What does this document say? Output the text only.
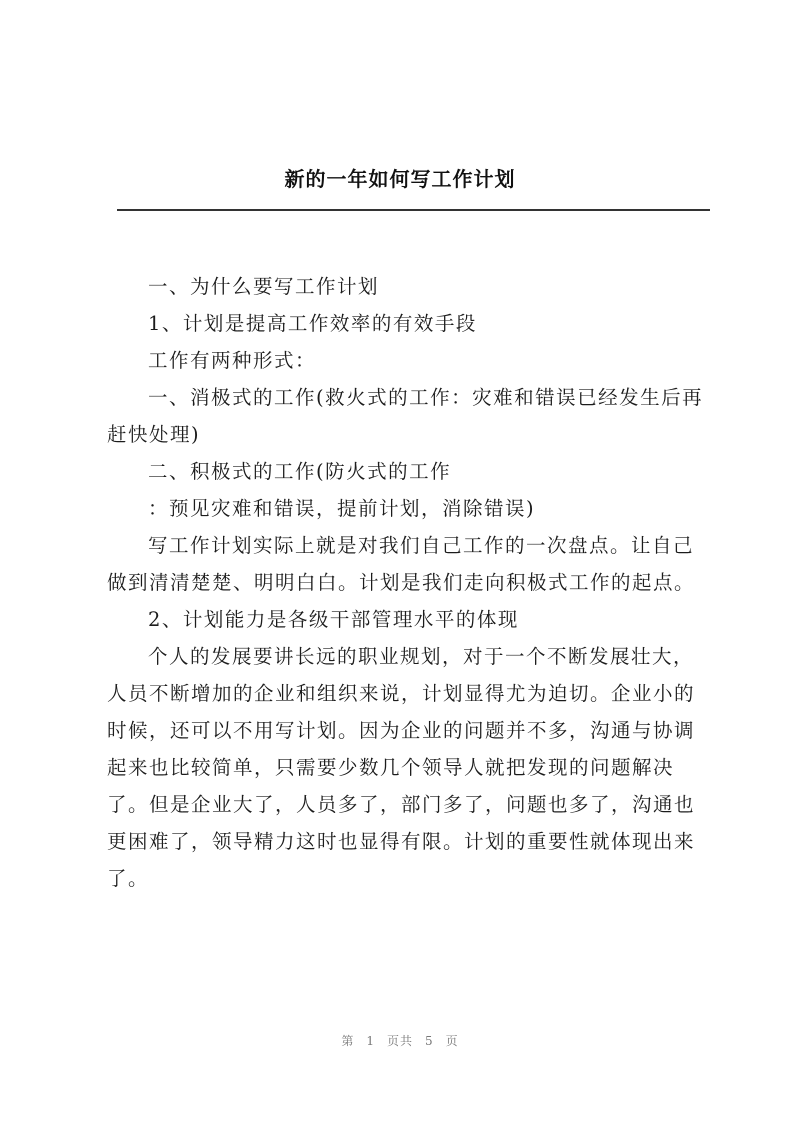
新的一年如何写工作计划

一、为什么要写工作计划

1、计划是提高工作效率的有效手段

工作有两种形式：

一、消极式的工作(救火式的工作：灾难和错误已经发生后再赶快处理)

二、积极式的工作(防火式的工作

：预见灾难和错误，提前计划，消除错误)

写工作计划实际上就是对我们自己工作的一次盘点。让自己做到清清楚楚、明明白白。计划是我们走向积极式工作的起点。

2、计划能力是各级干部管理水平的体现

个人的发展要讲长远的职业规划，对于一个不断发展壮大，人员不断增加的企业和组织来说，计划显得尤为迫切。企业小的时候，还可以不用写计划。因为企业的问题并不多，沟通与协调起来也比较简单，只需要少数几个领导人就把发现的问题解决了。但是企业大了，人员多了，部门多了，问题也多了，沟通也更困难了，领导精力这时也显得有限。计划的重要性就体现出来了。

第 1 页共 5 页
